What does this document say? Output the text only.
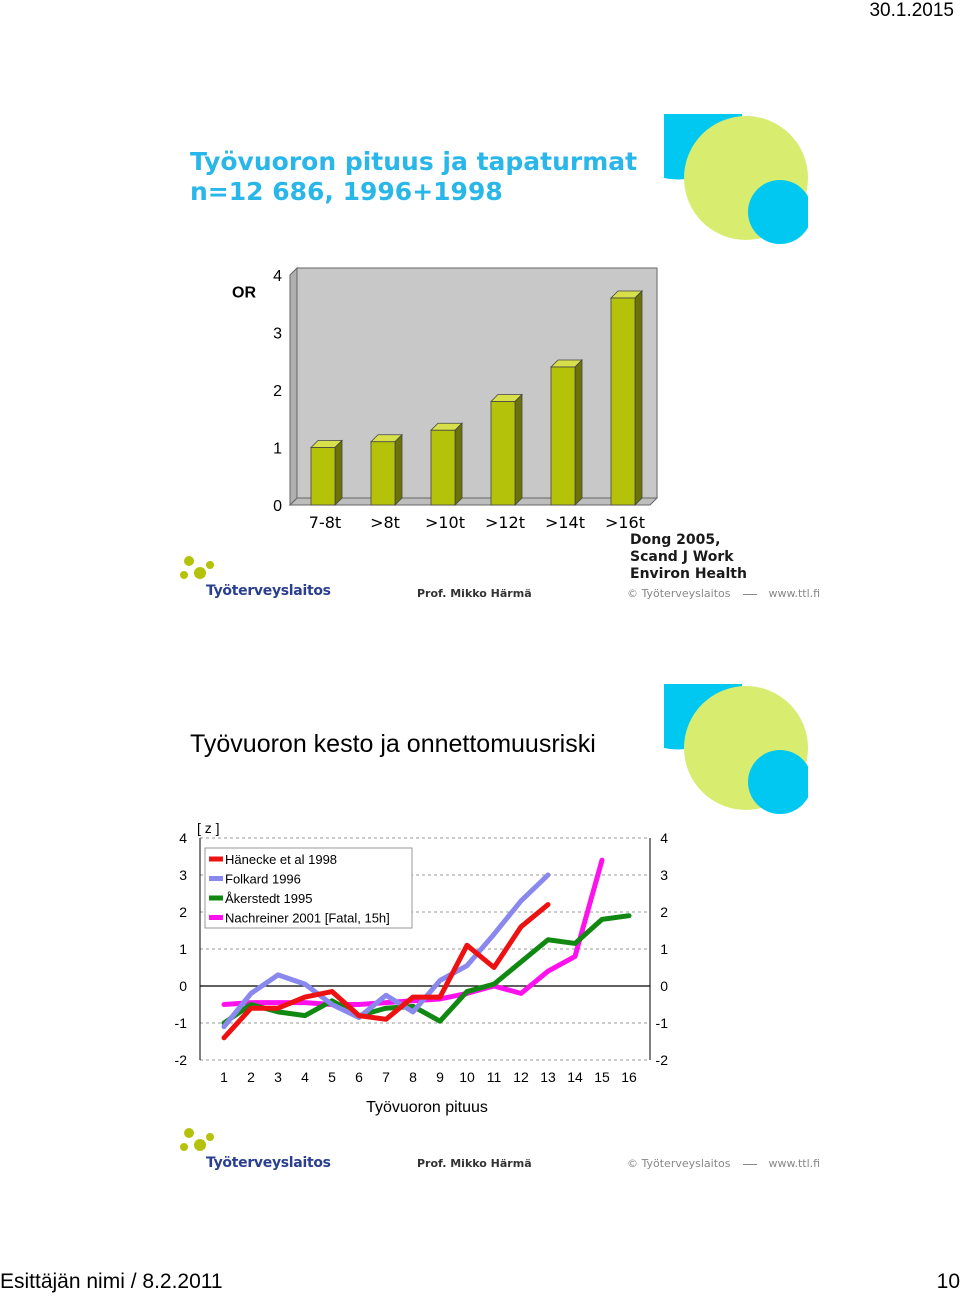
30.1.2015
Työvuoron pituus ja tapaturmat
n=12 686, 1996+1998
OR
0
1
2
3
4
7-8t >8t >10t >12t >14t >16t
Dong 2005,
Scand J Work
Environ Health
Työterveyslaitos	Prof. Mikko Härmä	© Työterveyslaitos	www.ttl.fi
Työvuoron kesto ja onnettomuusriski
-2	-2
-1	-1
0	0
1	1
2	2
3	3
4	4
[ z ]
1 2 3 4 5 6 7 8 9 10 11 12 13 14 15 16
Työvuoron pituus
Hänecke et al 1998
Folkard 1996
Åkerstedt 1995
Nachreiner 2001 [Fatal, 15h]
Työterveyslaitos	Prof. Mikko Härmä	© Työterveyslaitos	www.ttl.fi
Esittäjän nimi / 8.2.2011	10
